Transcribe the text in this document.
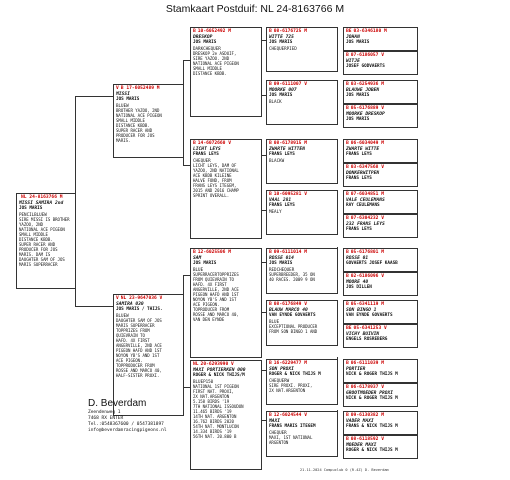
Stamkaart Postduif: NL 24-8163766 M
NL 24-8163766 M
MISSI SAMIRA 2nd
JOS MARIS
PENCILBLUEW
SIRE MISSI IS BROTHER
YAZOO, 2ND
NATIONAL ACE PIGEON
SMALL MIDDLE
DISTANCE KBDB.
SUPER RACER AND
PRODUCER FOR JOS
MARIS. DAM IS
DAUGHTER SAM OF JOS
MARIS SUPERRACER
V B 17-6052489 M
MISSI
JOS MARIS
BLUEW
BROTHER YAZOO, 2ND
NATIONAL ACE PIGEON
SMALL MIDDLE
DISTANCE KBDB.
SUPER RACER AND
PRODUCER FOR JOS
MARIS.
V NL 23-9647036 V
SAMIRA 030
JOS MARIS / THIJS.
BLUEW
DAUGHTER SAM OF JOS
MARIS SUPERRACER
TOPPRIZES FROM
QUIEVRAIN TO
HAFD. 4X FIRST
ANGERVILLE, 2ND ACE
PIGEON HAFD AND 1ST
NOYON YB'S AND 1ST
ACE PIGEON.
TOPPRODUCER FROM
ROSSE AND MARCO 40,
HALF-SISTER PROXI.
B 10-6052492 M
DRESKOP
JOS MARIS
DARKCHEQUER
DRESKOP 2e ASDUIF,
SIRE YAZOO. 2ND
NATIONAL ACE PIGEON
SMALL MIDDLE
DISTANCE KBDB.
B 14-6072660 V
LICHT LEYS
FRANS LEYS
CHEQUER
LICHT LEYS, DAM OF
YAZOO, 2ND NATIONAL
ACE KBDB KILEINE
HALVE FOND, FROM
FRANS LEYS ITEGEM,
2015 AND 2016 CHAMP
SPRINT OVERALL.
B 12-6025506 M
SAM
JOS MARIS
BLUE
SUPERRACERTOPPRIZES
FROM QUIEVRAIN TO
HAFD. 4X FIRST
ANGERVILLE, 2ND ACE
PIGEON HAFD AND 1ST
NOYON YB'S AND 1ST
ACE PIGEON.
TOPRODUCER FROM
ROSSE AND MARCO 40,
VAN DEN EYNDE
NL 20-6293990 V
MAXI PORTIERKEN 000
ROGER & NICK THIJS/M
BLUEP150
NATIONAL 1ST PIGEON
FIRST NAT. PROXI,
2X NAT.ARGENTON
5.158 BIRDS '19
7TH NATIONAL ISSOUDUN
11.465 BIRDS '19
14TH NAT. ARGENTON
16.762 BIRDS 2020
54TH NAT. MONTLUCON
14.334 BIRDS '19
56TH NAT. 20.800 B
B 08-6176725 M
WITTE 725
JOS MARIS
CHEQUERPIED
B 09-6111007 V
MOORKE 007
JOS MARIS
BLACK
B 08-6178915 M
ZWARTE WITTEN
FRANS LEYS
BLACKW
B 10-6095281 V
VAAL 281
FRANS LEYS
MEALY
B 09-6111014 M
ROSSE 014
JOS MARIS
REDCHEQUER
SUPERBREEDER, 35 ON
40 RACES. 2009 9 ON
B 08-6176849 V
BLAUW MARCO 40
VAN EYNDE GOVAERTS
BLUE
EXCEPTIONAL PRODUCER
FROM SON BINGO 1 AND
B 16-6229477 M
SON PROXI
ROGER & NICK THIJS M
CHEQUERW
SIRE PROXI. PROXI,
2X NAT.ARGENTON
B 12-6024544 V
MAXI
FRANS MARIS ITEGEM
CHEQUER
MAXI, 1ST NATIONAL
ARGENTON
BE 03-6346180 M
JOHAN
JOS MARIS
B 07-6186057 V
WITJE
JOSEF GODVAERTS
B 03-6254936 M
BLAUWE JOBEN
JOS MARIS
B 05-6176889 V
MOORKE DRESKOP
JOS MARIS
B 06-6034049 M
ZWARTE WITTE
FRANS LEYS
B 03-6347568 V
DONKERWITPEN
FRANS LEYS
B 07-6034851 M
VALE CEULEMANS
RAY CEULEMANS
B 07-6304232 V
232 FRANS LEYS
FRANS LEYS
B 05-6176801 M
ROSSE 01
GOVAERTS JOSEF KAASB
B 02-6186096 V
MOORE 40
JOS DILLEN
B 05-6341119 M
SON BINGO 1
VAN EYNDE GOVAERTS
BE 05-6341253 V
VICHY BUIVIN
ENGELS ROSREBERG
B 06-6111039 M
PORTIER
NICK & ROGER THIJS M
B 06-6178937 V
GROOTMOEDER PROXI
NICK & ROGER THIJS M
B 09-6130382 M
VADER MAXI
FRANS & NICK THIJS M
B 08-6118592 V
MOEDER MAXI
ROGER & NICK THIJS M
D. Beverdam
Zeendenweg 1
7468 RX ENTER
Tel.:0548367600 / 0547381897
info@beverdamracingpigeons.nl
21-11-2024 Compuclub 0 (R.4Z) D. Beverdam
